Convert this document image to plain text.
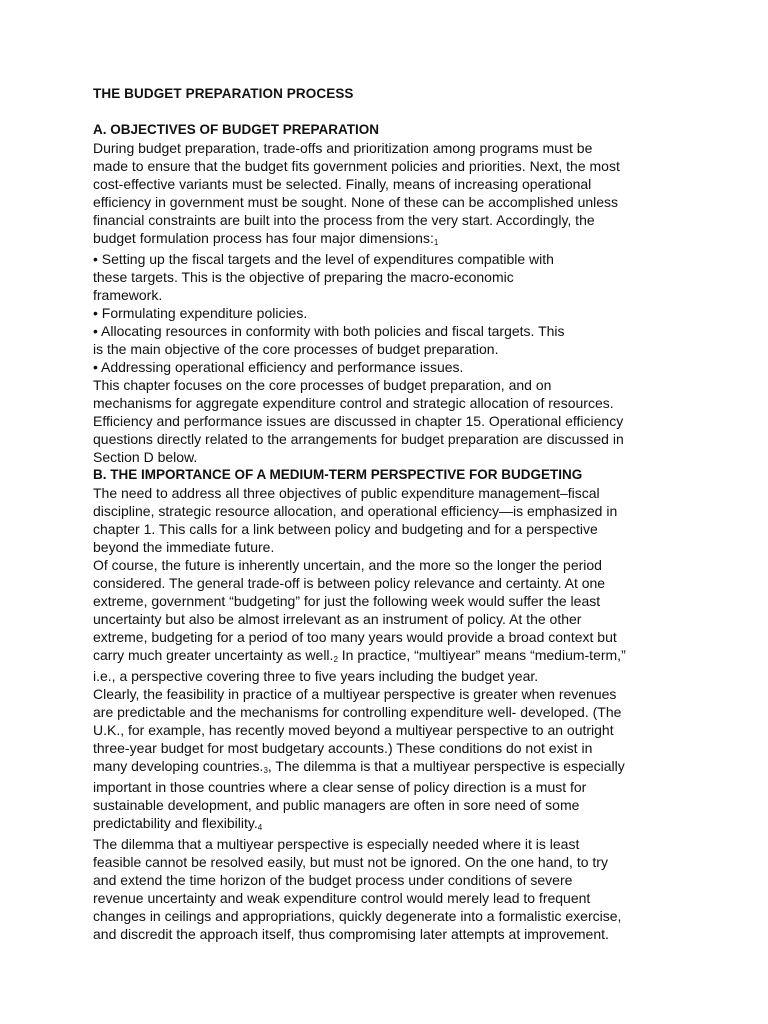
THE BUDGET PREPARATION PROCESS
A. OBJECTIVES OF BUDGET PREPARATION
During budget preparation, trade-offs and prioritization among programs must be
made to ensure that the budget fits government policies and priorities. Next, the most
cost-effective variants must be selected. Finally, means of increasing operational
efficiency in government must be sought. None of these can be accomplished unless
financial constraints are built into the process from the very start. Accordingly, the
budget formulation process has four major dimensions:$^1$
• Setting up the fiscal targets and the level of expenditures compatible with
these targets. This is the objective of preparing the macro-economic
framework.
• Formulating expenditure policies.
• Allocating resources in conformity with both policies and fiscal targets. This
is the main objective of the core processes of budget preparation.
• Addressing operational efficiency and performance issues.
This chapter focuses on the core processes of budget preparation, and on
mechanisms for aggregate expenditure control and strategic allocation of resources.
Efficiency and performance issues are discussed in chapter 15. Operational efficiency
questions directly related to the arrangements for budget preparation are discussed in
Section D below.
B. THE IMPORTANCE OF A MEDIUM-TERM PERSPECTIVE FOR BUDGETING
The need to address all three objectives of public expenditure management–fiscal
discipline, strategic resource allocation, and operational efficiency—is emphasized in
chapter 1. This calls for a link between policy and budgeting and for a perspective
beyond the immediate future.
Of course, the future is inherently uncertain, and the more so the longer the period
considered. The general trade-off is between policy relevance and certainty. At one
extreme, government “budgeting” for just the following week would suffer the least
uncertainty but also be almost irrelevant as an instrument of policy. At the other
extreme, budgeting for a period of too many years would provide a broad context but
carry much greater uncertainty as well.$^2$ In practice, “multiyear” means “medium-term,”
i.e., a perspective covering three to five years including the budget year.
Clearly, the feasibility in practice of a multiyear perspective is greater when revenues
are predictable and the mechanisms for controlling expenditure well- developed. (The
U.K., for example, has recently moved beyond a multiyear perspective to an outright
three-year budget for most budgetary accounts.) These conditions do not exist in
many developing countries.$^3$, The dilemma is that a multiyear perspective is especially
important in those countries where a clear sense of policy direction is a must for
sustainable development, and public managers are often in sore need of some
predictability and flexibility.$^4$
The dilemma that a multiyear perspective is especially needed where it is least
feasible cannot be resolved easily, but must not be ignored. On the one hand, to try
and extend the time horizon of the budget process under conditions of severe
revenue uncertainty and weak expenditure control would merely lead to frequent
changes in ceilings and appropriations, quickly degenerate into a formalistic exercise,
and discredit the approach itself, thus compromising later attempts at improvement.
